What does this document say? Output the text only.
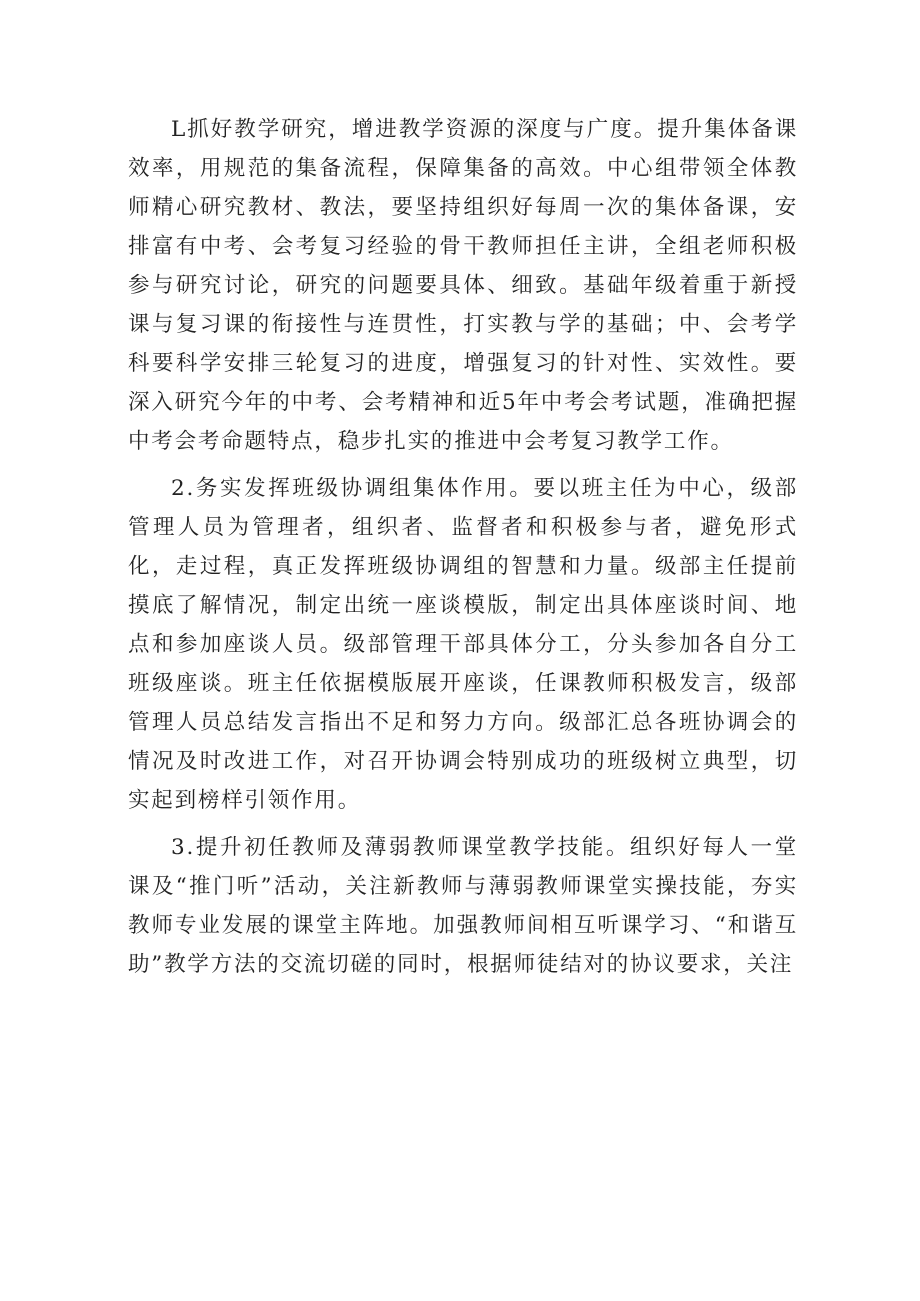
L抓好教学研究，增进教学资源的深度与广度。提升集体备课效率，用规范的集备流程，保障集备的高效。中心组带领全体教师精心研究教材、教法，要坚持组织好每周一次的集体备课，安排富有中考、会考复习经验的骨干教师担任主讲，全组老师积极参与研究讨论，研究的问题要具体、细致。基础年级着重于新授课与复习课的衔接性与连贯性，打实教与学的基础；中、会考学科要科学安排三轮复习的进度，增强复习的针对性、实效性。要深入研究今年的中考、会考精神和近5年中考会考试题，准确把握中考会考命题特点，稳步扎实的推进中会考复习教学工作。

2.务实发挥班级协调组集体作用。要以班主任为中心，级部管理人员为管理者，组织者、监督者和积极参与者，避免形式化，走过程，真正发挥班级协调组的智慧和力量。级部主任提前摸底了解情况，制定出统一座谈模版，制定出具体座谈时间、地点和参加座谈人员。级部管理干部具体分工，分头参加各自分工班级座谈。班主任依据模版展开座谈，任课教师积极发言，级部管理人员总结发言指出不足和努力方向。级部汇总各班协调会的情况及时改进工作，对召开协调会特别成功的班级树立典型，切实起到榜样引领作用。

3.提升初任教师及薄弱教师课堂教学技能。组织好每人一堂课及“推门听”活动，关注新教师与薄弱教师课堂实操技能，夯实教师专业发展的课堂主阵地。加强教师间相互听课学习、“和谐互助”教学方法的交流切磋的同时，根据师徒结对的协议要求，关注
